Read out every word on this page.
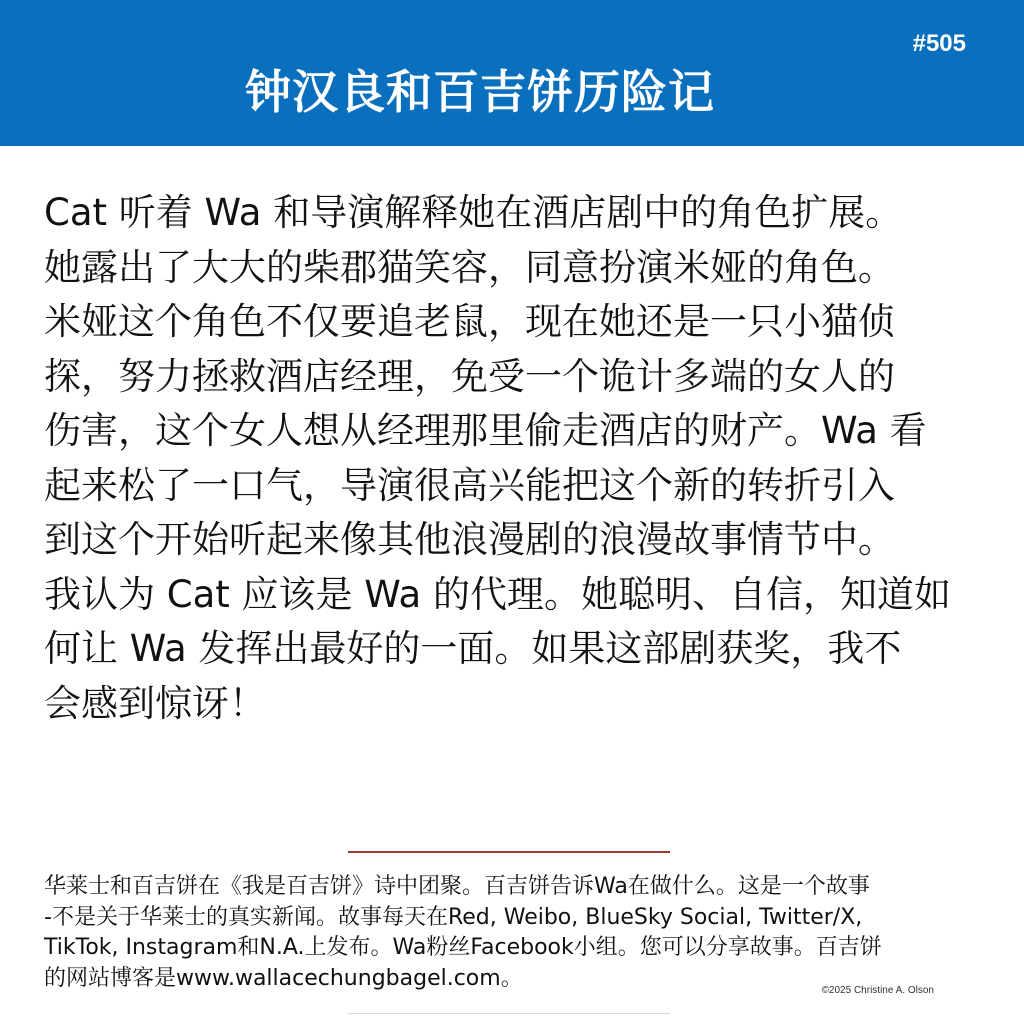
#505
钟汉良和百吉饼历险记
Cat 听着 Wa 和导演解释她在酒店剧中的角色扩展。
她露出了大大的柴郡猫笑容，同意扮演米娅的角色。
米娅这个角色不仅要追老鼠，现在她还是一只小猫侦
探，努力拯救酒店经理，免受一个诡计多端的女人的
伤害，这个女人想从经理那里偷走酒店的财产。Wa 看
起来松了一口气，导演很高兴能把这个新的转折引入
到这个开始听起来像其他浪漫剧的浪漫故事情节中。
我认为 Cat 应该是 Wa 的代理。她聪明、自信，知道如
何让 Wa 发挥出最好的一面。如果这部剧获奖，我不
会感到惊讶！
华莱士和百吉饼在《我是百吉饼》诗中团聚。百吉饼告诉Wa在做什么。这是一个故事
-不是关于华莱士的真实新闻。故事每天在Red, Weibo, BlueSky Social, Twitter/X,
TikTok, Instagram和N.A.上发布。Wa粉丝Facebook小组。您可以分享故事。百吉饼
的网站博客是www.wallacechungbagel.com。	©2025 Christine A. Olson
